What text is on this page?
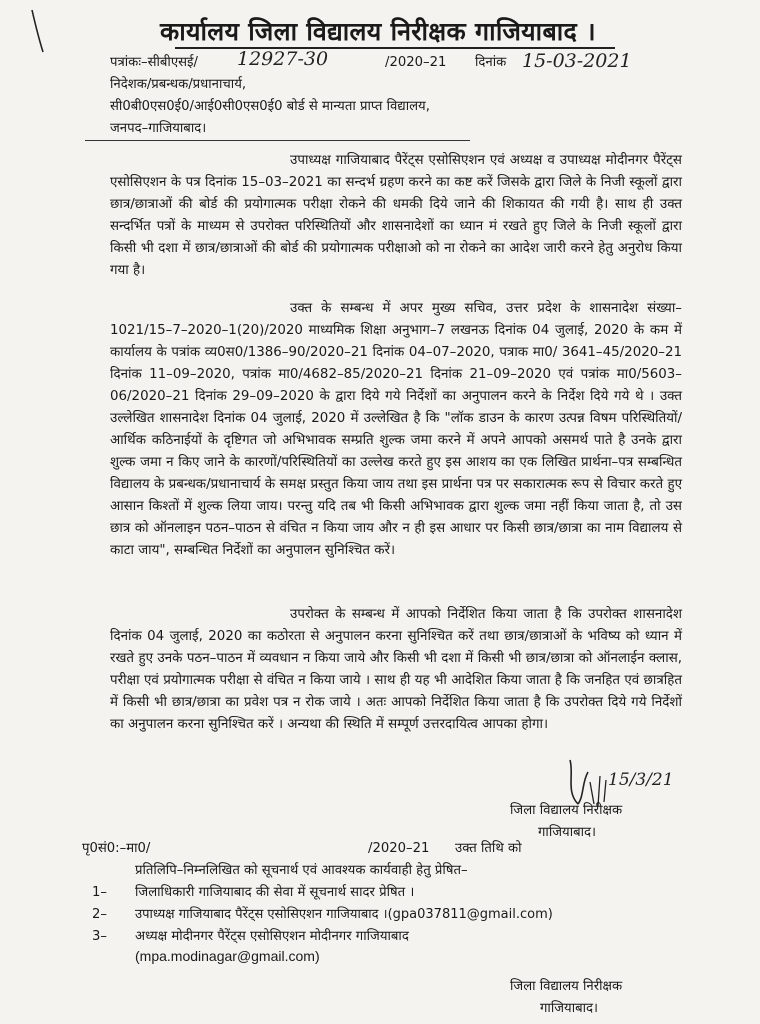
कार्यालय जिला विद्यालय निरीक्षक गाजियाबाद ।
पत्रांकः–सीबीएसई/ 12927-30	/2020–21 दिनांक 15-03-2021
निदेशक/प्रबन्धक/प्रधानाचार्य,
सी0बी0एस0ई0/आई0सी0एस0ई0 बोर्ड से मान्यता प्राप्त विद्यालय,
जनपद–गाजियाबाद।
उपाध्यक्ष गाजियाबाद पैरेंट्स एसोसिएशन एवं अध्यक्ष व उपाध्यक्ष मोदीनगर पैरेंट्स एसोसिएशन के पत्र दिनांक 15–03–2021 का सन्दर्भ ग्रहण करने का कष्ट करें जिसके द्वारा जिले के निजी स्कूलों द्वारा छात्र/छात्राओं की बोर्ड की प्रयोगात्मक परीक्षा रोकने की धमकी दिये जाने की शिकायत की गयी है। साथ ही उक्त सन्दर्भित पत्रों के माध्यम से उपरोक्त परिस्थितियों और शासनादेशों का ध्यान मं रखते हुए जिले के निजी स्कूलों द्वारा किसी भी दशा में छात्र/छात्राओं की बोर्ड की प्रयोगात्मक परीक्षाओ को ना रोकने का आदेश जारी करने हेतु अनुरोध किया गया है।
उक्त के सम्बन्ध में अपर मुख्य सचिव, उत्तर प्रदेश के शासनादेश संख्या–1021/15–7–2020–1(20)/2020 माध्यमिक शिक्षा अनुभाग–7 लखनऊ दिनांक 04 जुलाई, 2020 के कम में कार्यालय के पत्रांक व्य0स0/1386–90/2020–21 दिनांक 04–07–2020, पत्राक मा0/ 3641–45/2020–21 दिनांक 11–09–2020, पत्रांक मा0/4682–85/2020–21 दिनांक 21–09–2020 एवं पत्रांक मा0/5603–06/2020–21 दिनांक 29–09–2020 के द्वारा दिये गये निर्देशों का अनुपालन करने के निर्देश दिये गये थे । उक्त उल्लेखित शासनादेश दिनांक 04 जुलाई, 2020 में उल्लेखित है कि "लॉक डाउन के कारण उत्पन्न विषम परिस्थितियों/आर्थिक कठिनाईयों के दृष्टिगत जो अभिभावक सम्प्रति शुल्क जमा करने में अपने आपको असमर्थ पाते है उनके द्वारा शुल्क जमा न किए जाने के कारणों/परिस्थितियों का उल्लेख करते हुए इस आशय का एक लिखित प्रार्थना–पत्र सम्बन्धित विद्यालय के प्रबन्धक/प्रधानाचार्य के समक्ष प्रस्तुत किया जाय तथा इस प्रार्थना पत्र पर सकारात्मक रूप से विचार करते हुए आसान किश्तों में शुल्क लिया जाय। परन्तु यदि तब भी किसी अभिभावक द्वारा शुल्क जमा नहीं किया जाता है, तो उस छात्र को ऑनलाइन पठन–पाठन से वंचित न किया जाय और न ही इस आधार पर किसी छात्र/छात्रा का नाम विद्यालय से काटा जाय", सम्बन्धित निर्देशों का अनुपालन सुनिश्चित करें।
उपरोक्त के सम्बन्ध में आपको निर्देशित किया जाता है कि उपरोक्त शासनादेश दिनांक 04 जुलाई, 2020 का कठोरता से अनुपालन करना सुनिश्चित करें तथा छात्र/छात्राओं के भविष्य को ध्यान में रखते हुए उनके पठन–पाठन में व्यवधान न किया जाये और किसी भी दशा में किसी भी छात्र/छात्रा को ऑनलाईन क्लास, परीक्षा एवं प्रयोगात्मक परीक्षा से वंचित न किया जाये । साथ ही यह भी आदेशित किया जाता है कि जनहित एवं छात्रहित में किसी भी छात्र/छात्रा का प्रवेश पत्र न रोक जाये । अतः आपको निर्देशित किया जाता है कि उपरोक्त दिये गये निर्देशों का अनुपालन करना सुनिश्चित करें । अन्यथा की स्थिति में सम्पूर्ण उत्तरदायित्व आपका होगा।
15/3/21
जिला विद्यालय निरीक्षक
गाजियाबाद।
पृ0सं0:–मा0/	/2020–21 उक्त तिथि को
प्रतिलिपि–निम्नलिखित को सूचनार्थ एवं आवश्यक कार्यवाही हेतु प्रेषित–
1– जिलाधिकारी गाजियाबाद की सेवा में सूचनार्थ सादर प्रेषित ।
2– उपाध्यक्ष गाजियाबाद पैरेंट्स एसोसिएशन गाजियाबाद ।(gpa037811@gmail.com)
3– अध्यक्ष मोदीनगर पैरेंट्स एसोसिएशन मोदीनगर गाजियाबाद
(mpa.modinagar@gmail.com)
जिला विद्यालय निरीक्षक
गाजियाबाद।
